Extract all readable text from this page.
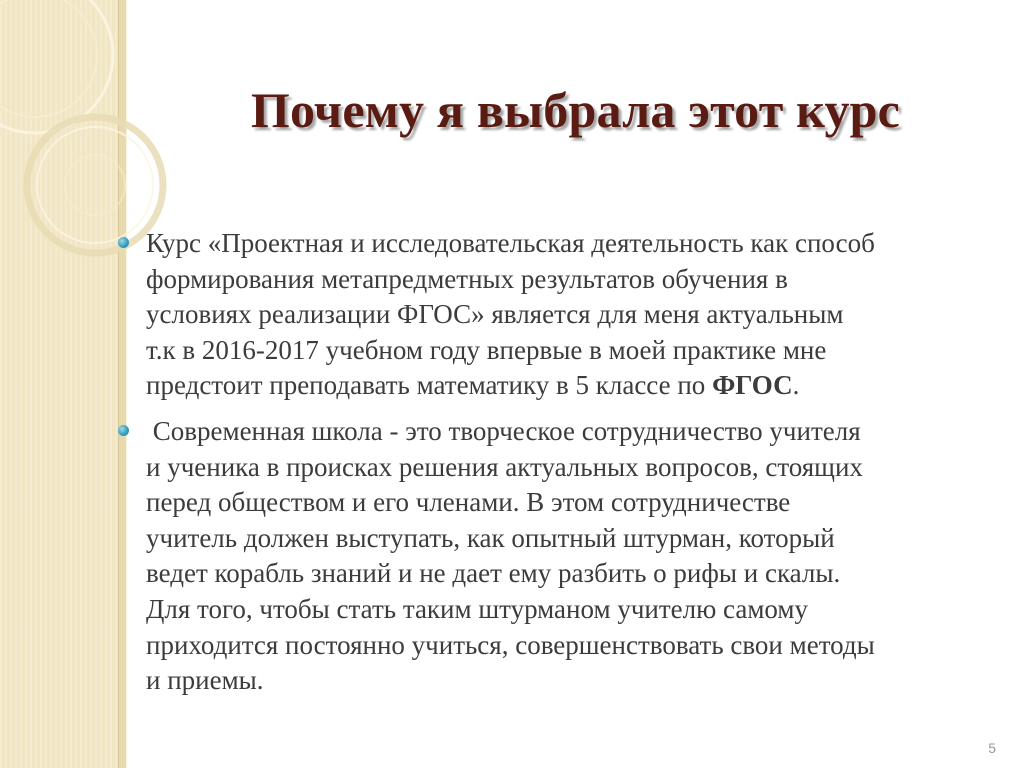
Почему я выбрала этот курс
Курс «Проектная и исследовательская деятельность как способ
формирования метапредметных результатов обучения в
условиях реализации ФГОС» является для меня актуальным
т.к в 2016-2017 учебном году впервые в моей практике мне
предстоит преподавать математику в 5 классе по ФГОС.
Современная школа - это творческое сотрудничество учителя
и ученика в происках решения актуальных вопросов, стоящих
перед обществом и его членами. В этом сотрудничестве
учитель должен выступать, как опытный штурман, который
ведет корабль знаний и не дает ему разбить о рифы и скалы.
Для того, чтобы стать таким штурманом учителю самому
приходится постоянно учиться, совершенствовать свои методы
и приемы.
5
